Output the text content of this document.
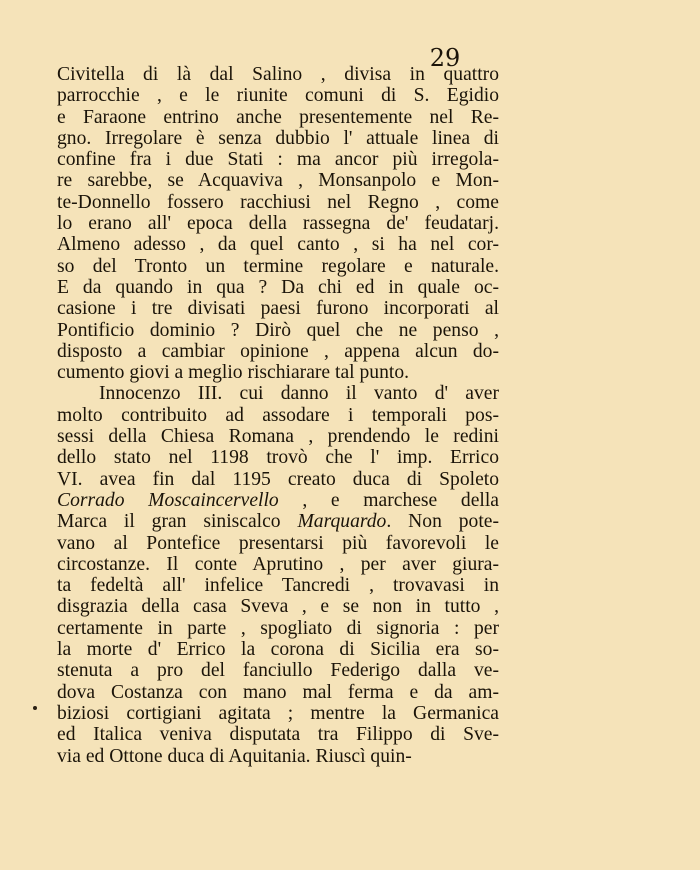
29
Civitella di là dal Salino , divisa in quattro
parrocchie , e le riunite comuni di S. Egidio
e Faraone entrino anche presentemente nel Re-
gno. Irregolare è senza dubbio l' attuale linea di
confine fra i due Stati : ma ancor più irregola-
re sarebbe, se Acquaviva , Monsanpolo e Mon-
te-Donnello fossero racchiusi nel Regno , come
lo erano all' epoca della rassegna de' feudatarj.
Almeno adesso , da quel canto , si ha nel cor-
so del Tronto un termine regolare e naturale.
E da quando in qua ? Da chi ed in quale oc-
casione i tre divisati paesi furono incorporati al
Pontificio dominio ? Dirò quel che ne penso ,
disposto a cambiar opinione , appena alcun do-
cumento giovi a meglio rischiarare tal punto.
Innocenzo III. cui danno il vanto d' aver
molto contribuito ad assodare i temporali pos-
sessi della Chiesa Romana , prendendo le redini
dello stato nel 1198 trovò che l' imp. Errico
VI. avea fin dal 1195 creato duca di Spoleto
Corrado Moscaincervello , e marchese della
Marca il gran siniscalco Marquardo. Non pote-
vano al Pontefice presentarsi più favorevoli le
circostanze. Il conte Aprutino , per aver giura-
ta fedeltà all' infelice Tancredi , trovavasi in
disgrazia della casa Sveva , e se non in tutto ,
certamente in parte , spogliato di signoria : per
la morte d' Errico la corona di Sicilia era so-
stenuta a pro del fanciullo Federigo dalla ve-
dova Costanza con mano mal ferma e da am-
biziosi cortigiani agitata ; mentre la Germanica
ed Italica veniva disputata tra Filippo di Sve-
via ed Ottone duca di Aquitania. Riuscì quin-
